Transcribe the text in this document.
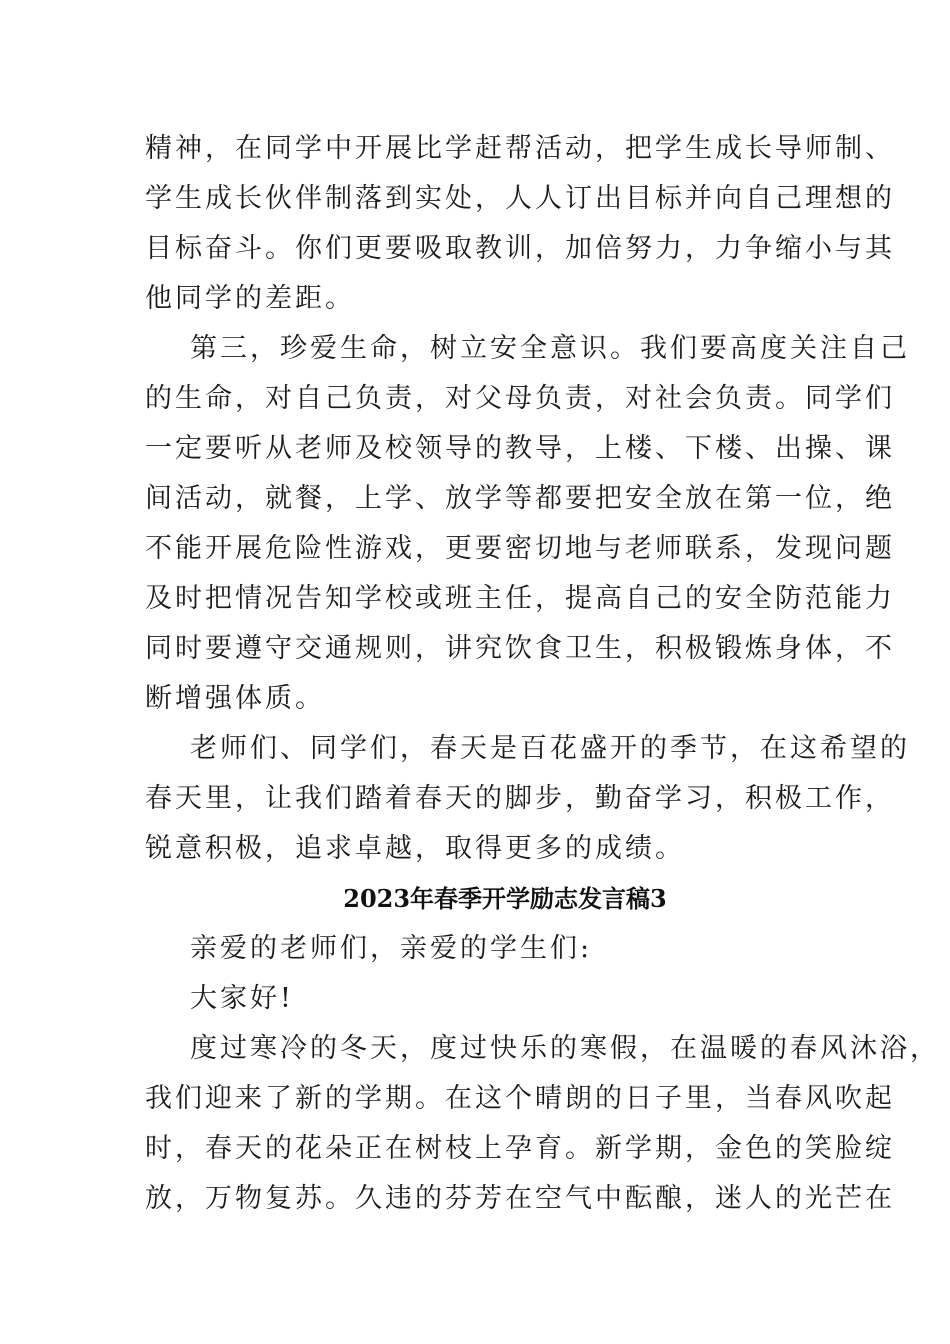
精神，在同学中开展比学赶帮活动，把学生成长导师制、
学生成长伙伴制落到实处，人人订出目标并向自己理想的
目标奋斗。你们更要吸取教训，加倍努力，力争缩小与其
他同学的差距。
第三，珍爱生命，树立安全意识。我们要高度关注自己
的生命，对自己负责，对父母负责，对社会负责。同学们
一定要听从老师及校领导的教导，上楼、下楼、出操、课
间活动，就餐，上学、放学等都要把安全放在第一位，绝
不能开展危险性游戏，更要密切地与老师联系，发现问题
及时把情况告知学校或班主任，提高自己的安全防范能力
同时要遵守交通规则，讲究饮食卫生，积极锻炼身体，不
断增强体质。
老师们、同学们，春天是百花盛开的季节，在这希望的
春天里，让我们踏着春天的脚步，勤奋学习，积极工作，
锐意积极，追求卓越，取得更多的成绩。
2023年春季开学励志发言稿3
亲爱的老师们，亲爱的学生们:
大家好!
度过寒冷的冬天，度过快乐的寒假，在温暖的春风沐浴，
我们迎来了新的学期。在这个晴朗的日子里，当春风吹起
时，春天的花朵正在树枝上孕育。新学期，金色的笑脸绽
放，万物复苏。久违的芬芳在空气中酝酿，迷人的光芒在
